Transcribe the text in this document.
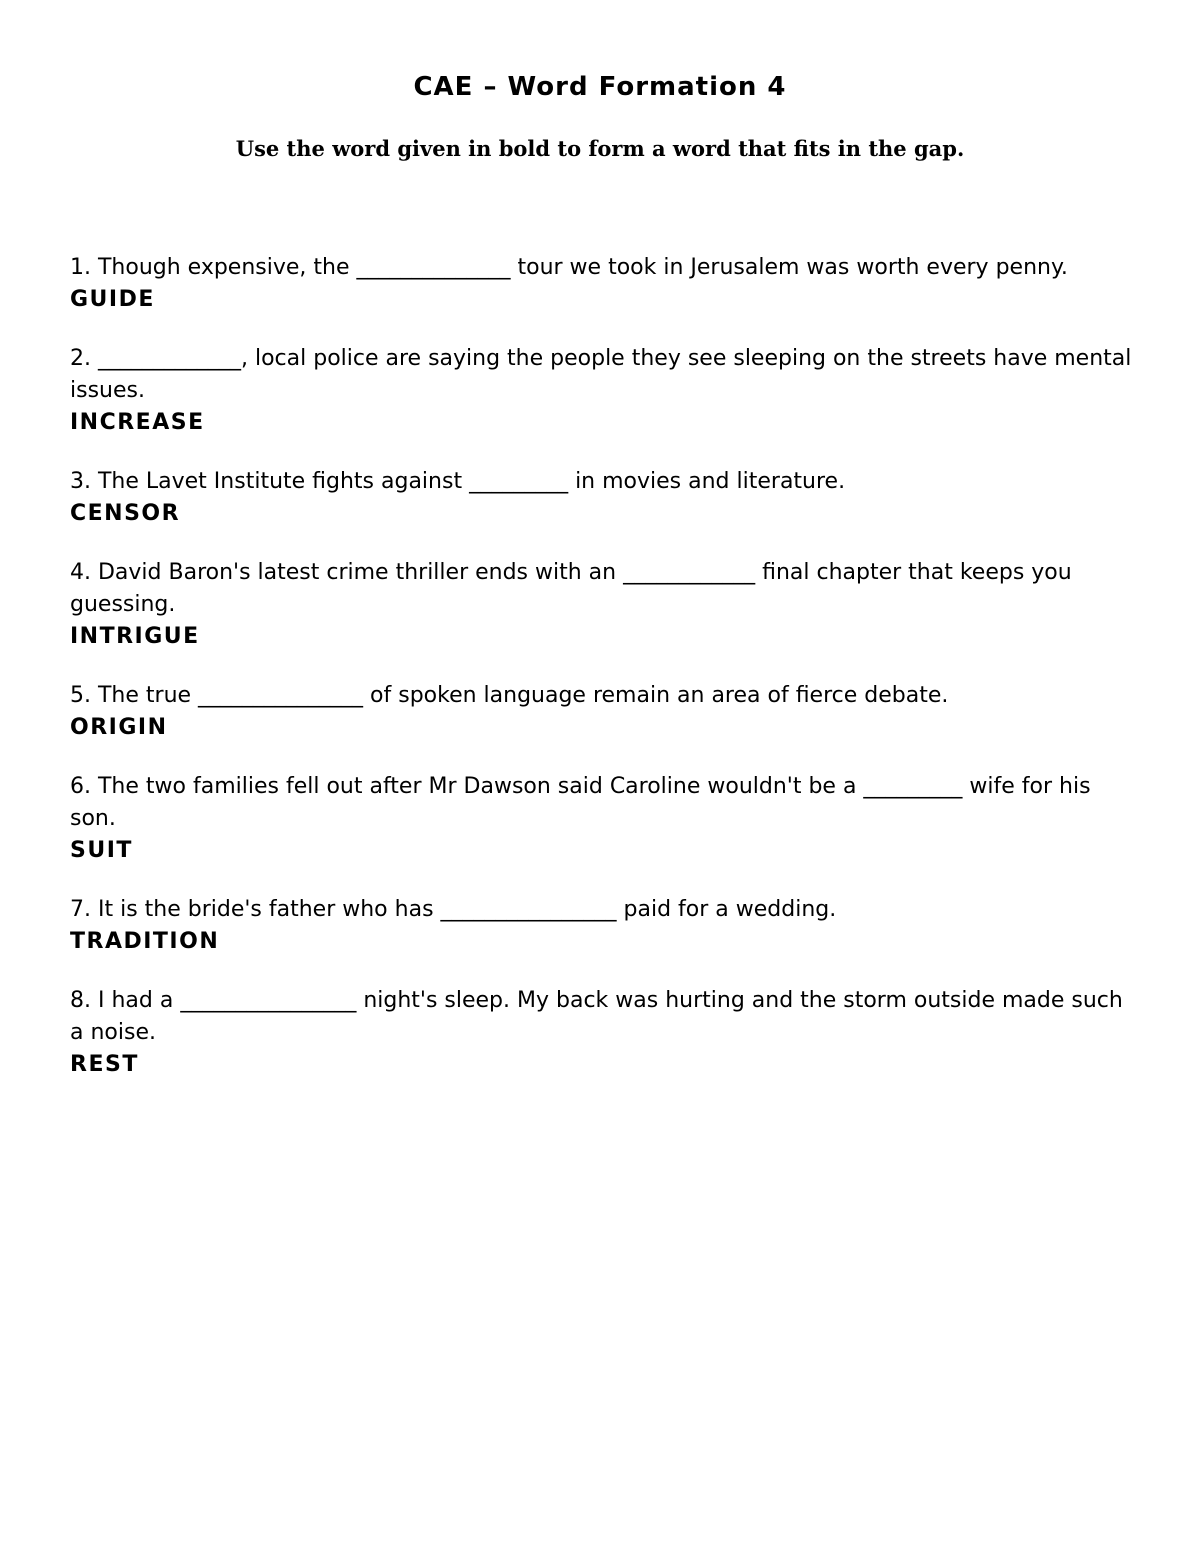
CAE – Word Formation 4

Use the word given in bold to form a word that fits in the gap.

1. Though expensive, the ______________ tour we took in Jerusalem was worth every penny.

GUIDE

2. _____________, local police are saying the people they see sleeping on the streets have mental issues.

INCREASE

3. The Lavet Institute fights against _________ in movies and literature.

CENSOR

4. David Baron's latest crime thriller ends with an ____________ final chapter that keeps you guessing.

INTRIGUE

5. The true _______________ of spoken language remain an area of fierce debate.

ORIGIN

6. The two families fell out after Mr Dawson said Caroline wouldn't be a _________ wife for his son.

SUIT

7. It is the bride's father who has ________________ paid for a wedding.

TRADITION

8. I had a ________________ night's sleep. My back was hurting and the storm outside made such a noise.

REST
